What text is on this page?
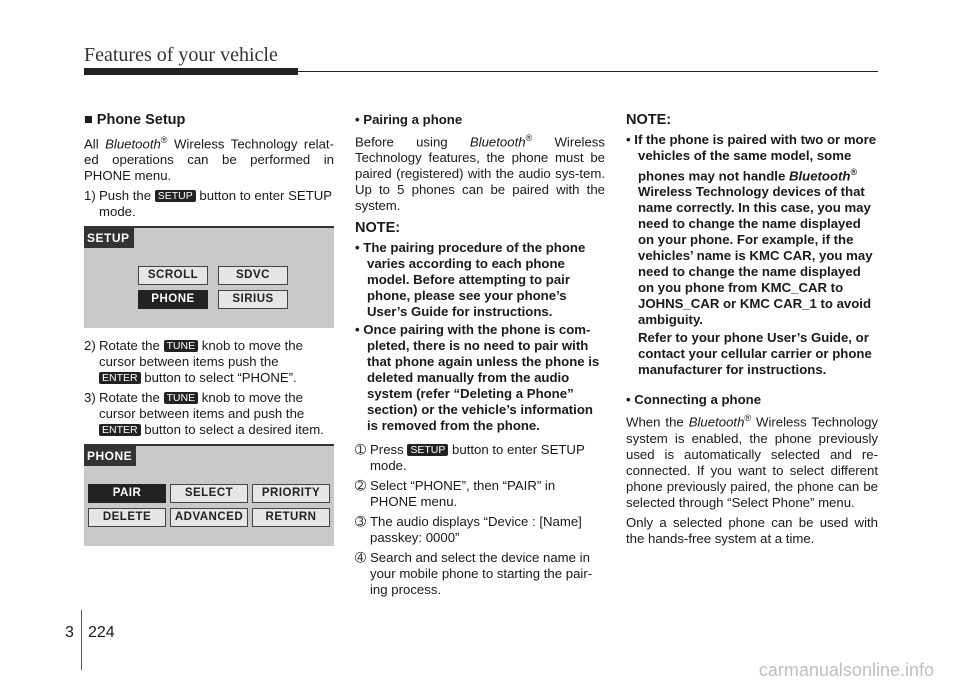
Features of your vehicle
■ Phone Setup

All Bluetooth® Wireless Technology relat-ed operations can be performed in PHONE menu.

1) Push the SETUP button to enter SETUP mode.
SETUP
SCROLL	SDVC
PHONE	SIRIUS
2) Rotate the TUNE knob to move the cursor between items push the
ENTER button to select “PHONE”.
3) Rotate the TUNE knob to move the cursor between items and push the
ENTER button to select a desired item.
PHONE
PAIR	SELECT	PRIORITY
DELETE	ADVANCED	RETURN
• Pairing a phone

Before using Bluetooth® Wireless Technology features, the phone must be paired (registered) with the audio sys-tem. Up to 5 phones can be paired with the system.

NOTE:
• The pairing procedure of the phone varies according to each phone model. Before attempting to pair phone, please see your phone’s User’s Guide for instructions.
• Once pairing with the phone is com-pleted, there is no need to pair with that phone again unless the phone is deleted manually from the audio system (refer “Deleting a Phone” section) or the vehicle’s information is removed from the phone.
➀ Press SETUP button to enter SETUP mode.
➁ Select “PHONE”, then “PAIR” in PHONE menu.
➂ The audio displays “Device : [Name] passkey: 0000”
➃ Search and select the device name in your mobile phone to starting the pair-ing process.
NOTE:
• If the phone is paired with two or more vehicles of the same model, some phones may not handle Bluetooth® Wireless Technology devices of that name correctly. In this case, you may need to change the name displayed on your phone. For example, if the vehicles’ name is KMC CAR, you may need to change the name displayed on you phone from KMC_CAR to JOHNS_CAR or KMC CAR_1 to avoid ambiguity.
Refer to your phone User’s Guide, or contact your cellular carrier or phone manufacturer for instructions.
• Connecting a phone

When the Bluetooth® Wireless Technology system is enabled, the phone previously used is automatically selected and re-connected. If you want to select different phone previously paired, the phone can be selected through “Select Phone” menu.

Only a selected phone can be used with the hands-free system at a time.

3 224
carmanualsonline.info
